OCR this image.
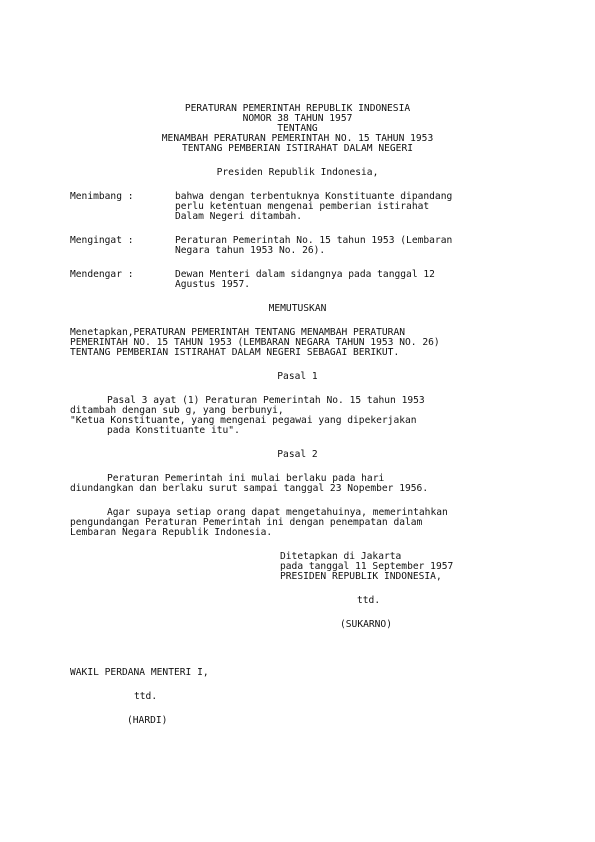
PERATURAN PEMERINTAH REPUBLIK INDONESIA
NOMOR 38 TAHUN 1957
TENTANG
MENAMBAH PERATURAN PEMERINTAH NO. 15 TAHUN 1953
TENTANG PEMBERIAN ISTIRAHAT DALAM NEGERI
Presiden Republik Indonesia,
Menimbang :	bahwa dengan terbentuknya Konstituante dipandang
perlu ketentuan mengenai pemberian istirahat
Dalam Negeri ditambah.
Mengingat :	Peraturan Pemerintah No. 15 tahun 1953 (Lembaran
Negara tahun 1953 No. 26).
Mendengar :	Dewan Menteri dalam sidangnya pada tanggal 12
Agustus 1957.
MEMUTUSKAN
Menetapkan,PERATURAN PEMERINTAH TENTANG MENAMBAH PERATURAN
PEMERINTAH NO. 15 TAHUN 1953 (LEMBARAN NEGARA TAHUN 1953 NO. 26)
TENTANG PEMBERIAN ISTIRAHAT DALAM NEGERI SEBAGAI BERIKUT.
Pasal 1
Pasal 3 ayat (1) Peraturan Pemerintah No. 15 tahun 1953
ditambah dengan sub g, yang berbunyi,
"Ketua Konstituante, yang mengenai pegawai yang dipekerjakan
pada Konstituante itu".
Pasal 2
Peraturan Pemerintah ini mulai berlaku pada hari
diundangkan dan berlaku surut sampai tanggal 23 Nopember 1956.
Agar supaya setiap orang dapat mengetahuinya, memerintahkan
pengundangan Peraturan Pemerintah ini dengan penempatan dalam
Lembaran Negara Republik Indonesia.
Ditetapkan di Jakarta
pada tanggal 11 September 1957
PRESIDEN REPUBLIK INDONESIA,
ttd.
(SUKARNO)
WAKIL PERDANA MENTERI I,
ttd.
(HARDI)
